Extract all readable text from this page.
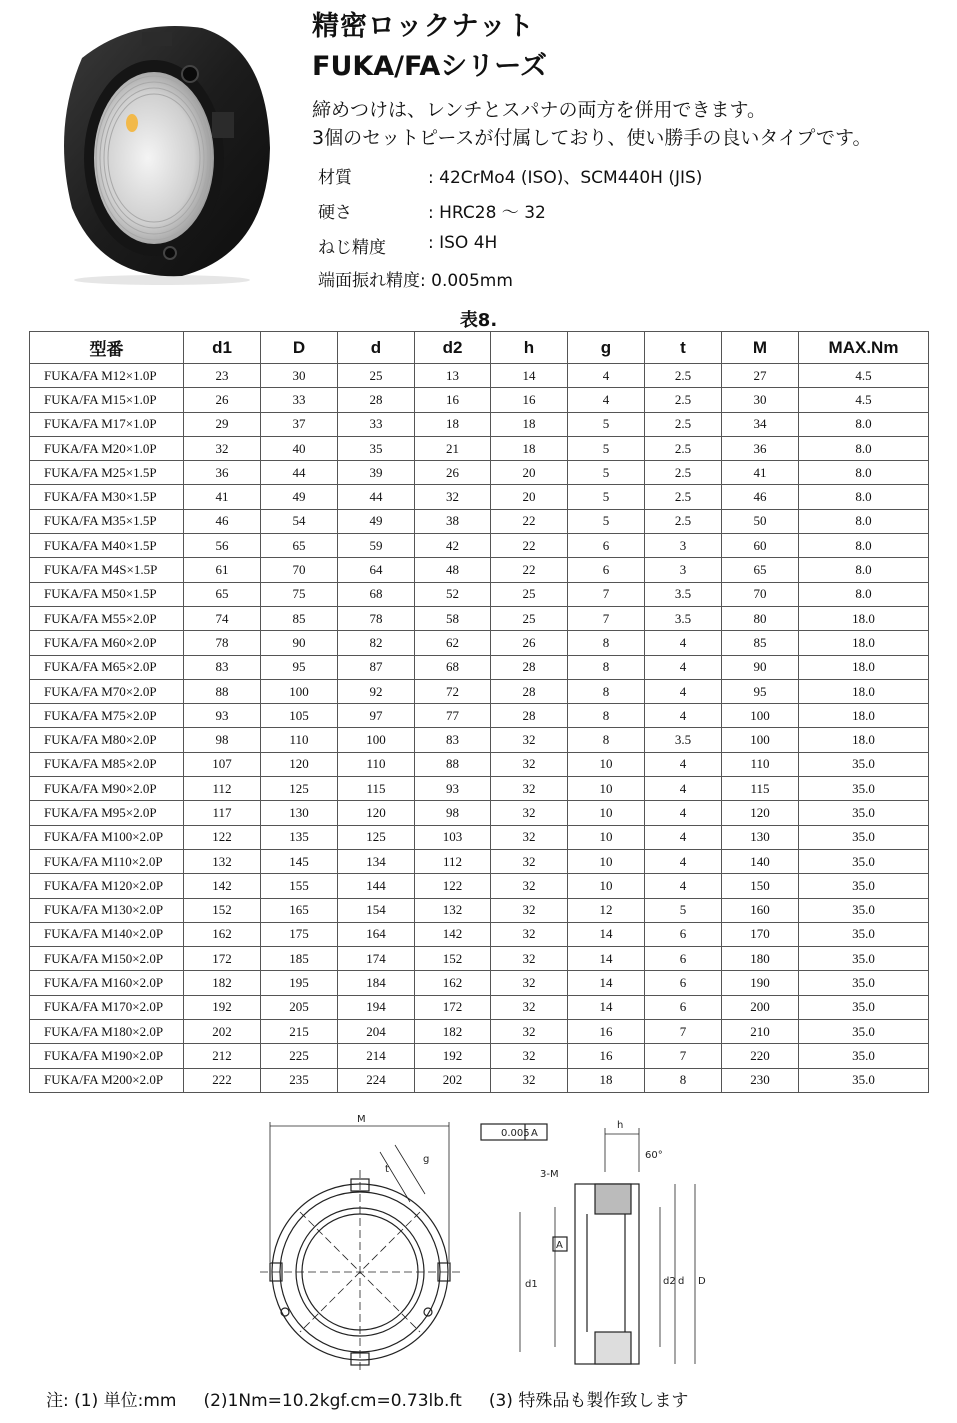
精密ロックナット
FUKA/FAシリーズ
締めつけは、レンチとスパナの両方を併用できます。
3個のセットピースが付属しており、使い勝手の良いタイプです。
材質	: 42CrMo4 (ISO)、SCM440H (JIS)
硬さ	: HRC28 ～ 32
ねじ精度 : ISO 4H
端面振れ精度: 0.005mm
表8.
型番	d1	D	d	d2	h	g	t	M	MAX.Nm
FUKA/FA M12×1.0P	23	30	25	13	14	4	2.5	27	4.5
FUKA/FA M15×1.0P	26	33	28	16	16	4	2.5	30	4.5
FUKA/FA M17×1.0P	29	37	33	18	18	5	2.5	34	8.0
FUKA/FA M20×1.0P	32	40	35	21	18	5	2.5	36	8.0
FUKA/FA M25×1.5P	36	44	39	26	20	5	2.5	41	8.0
FUKA/FA M30×1.5P	41	49	44	32	20	5	2.5	46	8.0
FUKA/FA M35×1.5P	46	54	49	38	22	5	2.5	50	8.0
FUKA/FA M40×1.5P	56	65	59	42	22	6	3	60	8.0
FUKA/FA M4S×1.5P	61	70	64	48	22	6	3	65	8.0
FUKA/FA M50×1.5P	65	75	68	52	25	7	3.5	70	8.0
FUKA/FA M55×2.0P	74	85	78	58	25	7	3.5	80	18.0
FUKA/FA M60×2.0P	78	90	82	62	26	8	4	85	18.0
FUKA/FA M65×2.0P	83	95	87	68	28	8	4	90	18.0
FUKA/FA M70×2.0P	88	100	92	72	28	8	4	95	18.0
FUKA/FA M75×2.0P	93	105	97	77	28	8	4	100	18.0
FUKA/FA M80×2.0P	98	110	100	83	32	8	3.5	100	18.0
FUKA/FA M85×2.0P	107	120	110	88	32	10	4	110	35.0
FUKA/FA M90×2.0P	112	125	115	93	32	10	4	115	35.0
FUKA/FA M95×2.0P	117	130	120	98	32	10	4	120	35.0
FUKA/FA M100×2.0P	122	135	125	103	32	10	4	130	35.0
FUKA/FA M110×2.0P	132	145	134	112	32	10	4	140	35.0
FUKA/FA M120×2.0P	142	155	144	122	32	10	4	150	35.0
FUKA/FA M130×2.0P	152	165	154	132	32	12	5	160	35.0
FUKA/FA M140×2.0P	162	175	164	142	32	14	6	170	35.0
FUKA/FA M150×2.0P	172	185	174	152	32	14	6	180	35.0
FUKA/FA M160×2.0P	182	195	184	162	32	14	6	190	35.0
FUKA/FA M170×2.0P	192	205	194	172	32	14	6	200	35.0
FUKA/FA M180×2.0P	202	215	204	182	32	16	7	210	35.0
FUKA/FA M190×2.0P	212	225	214	192	32	16	7	220	35.0
FUKA/FA M200×2.0P	222	235	224	202	32	18	8	230	35.0
M
g
t
h
0.005 A
A
60°
3-M
d1	d2 d D
注: (1) 単位:mm     (2)1Nm=10.2kgf.cm=0.73lb.ft     (3) 特殊品も製作致します
